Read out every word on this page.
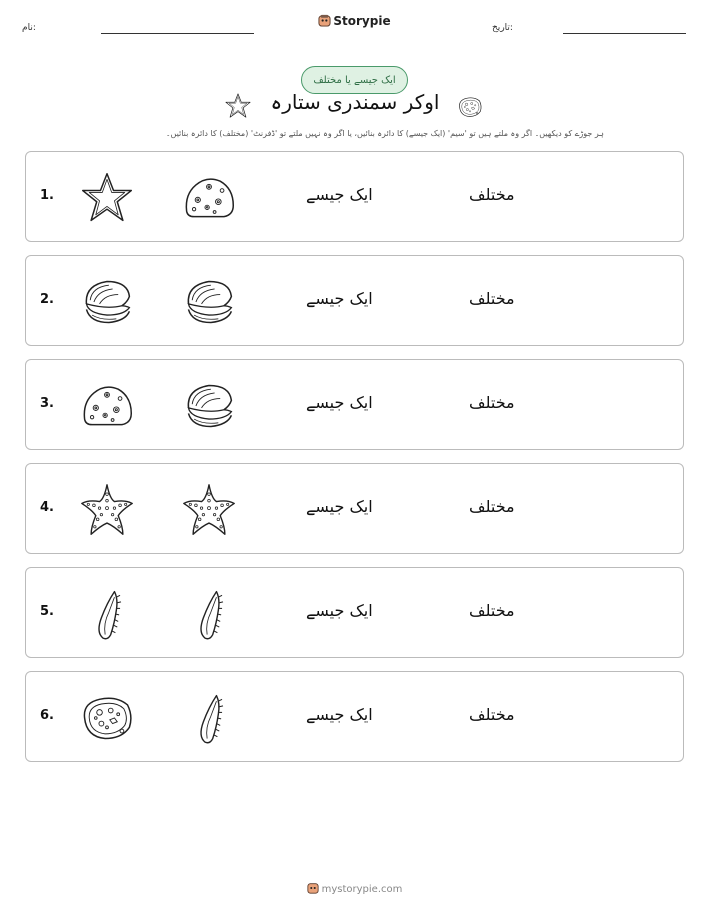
نام:	Storypie	تاریخ:
ایک جیسے یا مختلف
اوکر سمندری ستارہ
ہر جوڑے کو دیکھیں۔ اگر وہ ملتے ہیں تو 'سیم' (ایک جیسے) کا دائرہ بنائیں، یا اگر وہ نہیں ملتے تو 'ڈفرنٹ' (مختلف) کا دائرہ بنائیں۔
1.	ایک جیسے	مختلف
2.	ایک جیسے	مختلف
3.	ایک جیسے	مختلف
4.	ایک جیسے	مختلف
5.	ایک جیسے	مختلف
6.	ایک جیسے	مختلف
mystorypie.com
